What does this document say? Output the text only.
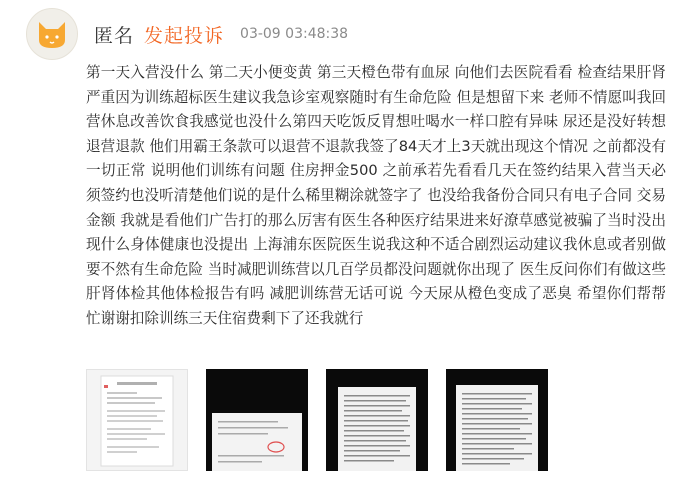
匿名 发起投诉 03-09 03:48:38
第一天入营没什么 第二天小便变黄 第三天橙色带有血尿 向他们去医院看看 检查结果肝肾严重因为训练超标医生建议我急诊室观察随时有生命危险 但是想留下来 老师不情愿叫我回营休息改善饮食我感觉也没什么第四天吃饭反胃想吐喝水一样口腔有异味 尿还是没好转想退营退款 他们用霸王条款可以退营不退款我签了84天才上3天就出现这个情况 之前都没有一切正常 说明他们训练有问题 住房押金500 之前承若先看看几天在签约结果入营当天必须签约也没听清楚他们说的是什么稀里糊涂就签字了 也没给我备份合同只有电子合同 交易金额 我就是看他们广告打的那么厉害有医生各种医疗结果进来好潦草感觉被骗了当时没出现什么身体健康也没提出 上海浦东医院医生说我这种不适合剧烈运动建议我休息或者别做要不然有生命危险 当时减肥训练营以几百学员都没问题就你出现了 医生反问你们有做这些肝肾体检其他体检报告有吗 减肥训练营无话可说 今天尿从橙色变成了恶臭 希望你们帮帮忙谢谢扣除训练三天住宿费剩下了还我就行
